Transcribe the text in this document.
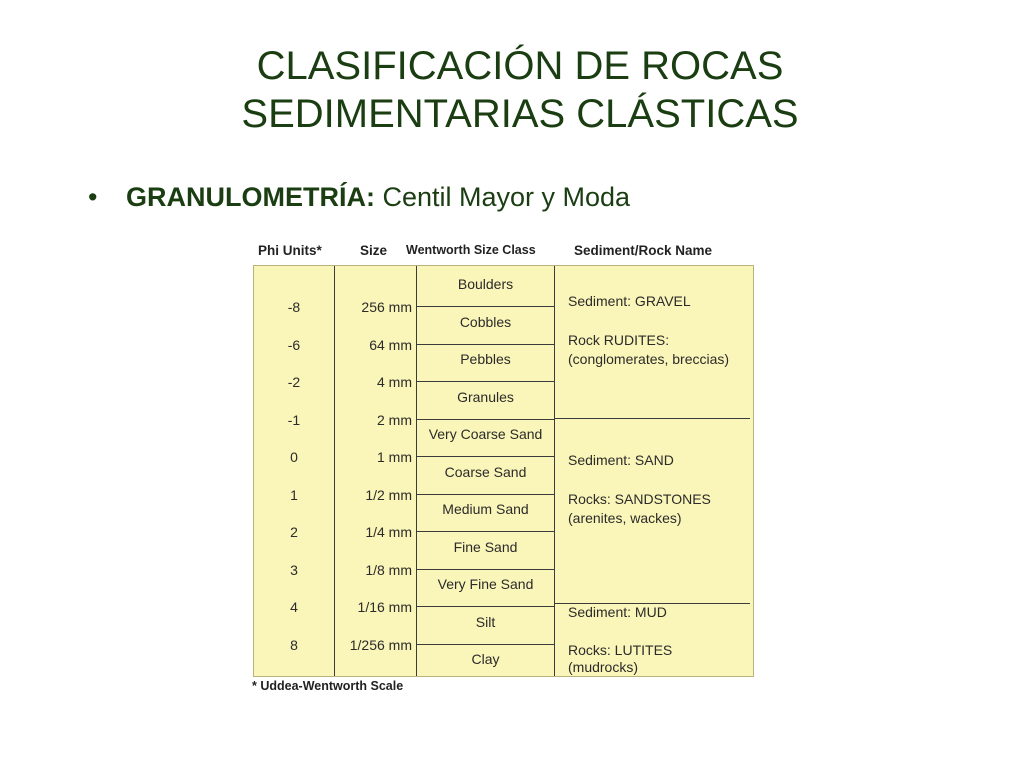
CLASIFICACIÓN DE ROCAS
SEDIMENTARIAS CLÁSTICAS
• GRANULOMETRÍA: Centil Mayor y Moda
Phi Units*	Size Wentworth Size Class	Sediment/Rock Name
-8
-6
-2
-1
0
1
2
3
4
8
256 mm
64 mm
4 mm
2 mm
1 mm
1/2 mm
1/4 mm
1/8 mm
1/16 mm
1/256 mm
Boulders
Cobbles
Pebbles
Granules
Very Coarse Sand
Coarse Sand
Medium Sand
Fine Sand
Very Fine Sand
Silt
Clay
Sediment: GRAVEL
Rock RUDITES:
(conglomerates, breccias)
Sediment: SAND
Rocks: SANDSTONES
(arenites, wackes)
Sediment: MUD
Rocks: LUTITES
(mudrocks)
* Uddea-Wentworth Scale
